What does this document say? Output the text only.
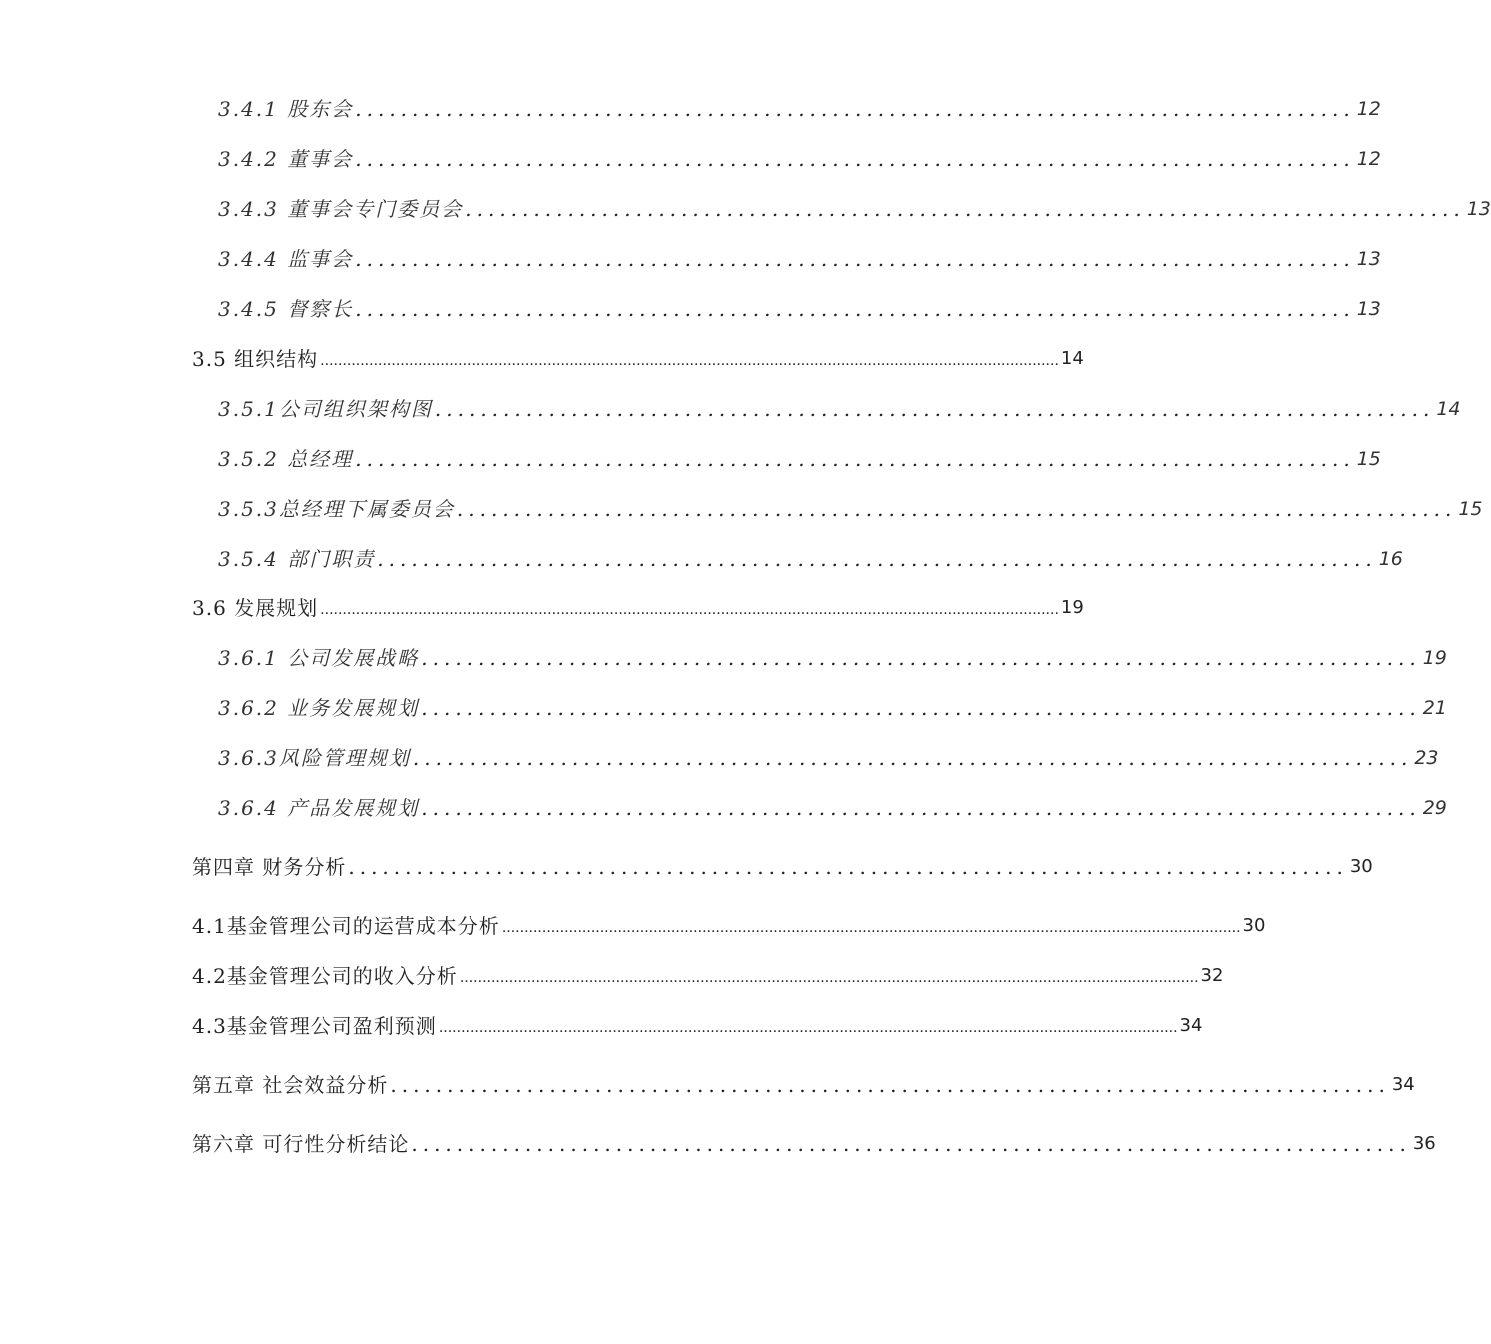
3.4.1 股东会 ........................................................................................ 12
3.4.2 董事会 ........................................................................................ 12
3.4.3 董事会专门委员会 ........................................................................................ 13
3.4.4 监事会 ........................................................................................ 13
3.4.5 督察长 ........................................................................................ 13
3.5 组织结构 ...................................................................................................................................................................... 14
3.5.1公司组织架构图 ........................................................................................ 14
3.5.2 总经理 ........................................................................................ 15
3.5.3总经理下属委员会 ........................................................................................ 15
3.5.4 部门职责 ........................................................................................ 16
3.6 发展规划 ...................................................................................................................................................................... 19
3.6.1 公司发展战略 ........................................................................................ 19
3.6.2 业务发展规划 ........................................................................................ 21
3.6.3风险管理规划 ........................................................................................ 23
3.6.4 产品发展规划 ........................................................................................ 29
第四章 财务分析 ........................................................................................ 30
4.1基金管理公司的运营成本分析 ...................................................................................................................................................................... 30
4.2基金管理公司的收入分析 ...................................................................................................................................................................... 32
4.3基金管理公司盈利预测 ...................................................................................................................................................................... 34
第五章 社会效益分析 ........................................................................................ 34
第六章 可行性分析结论 ........................................................................................ 36
